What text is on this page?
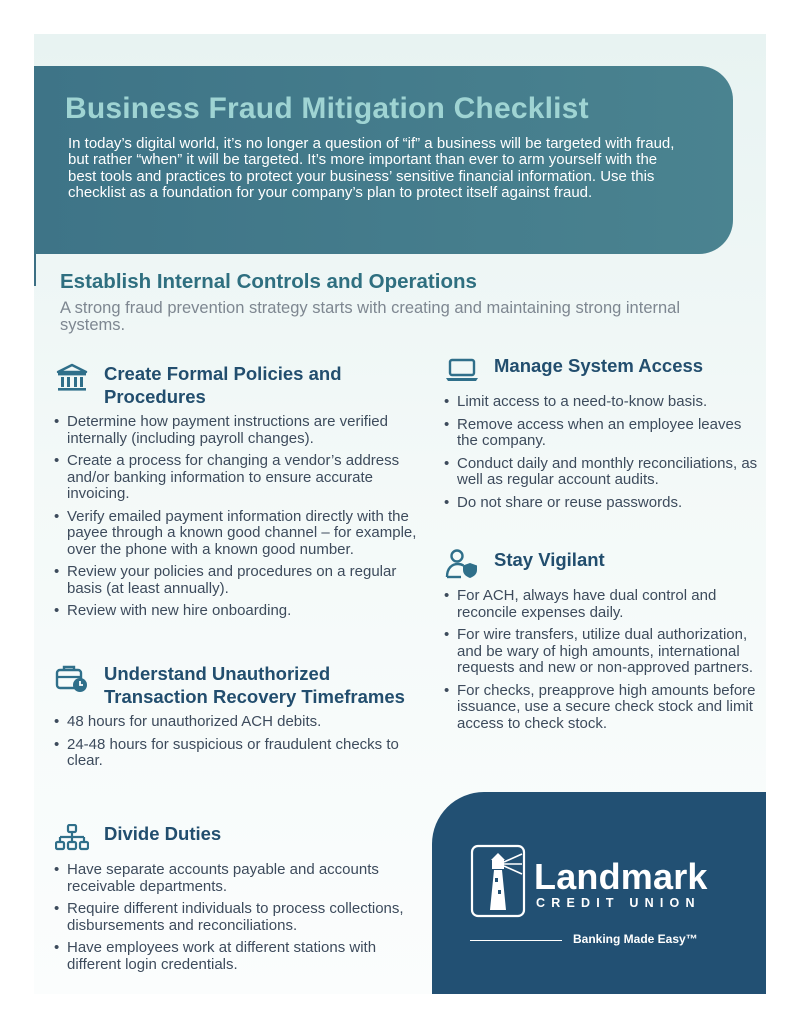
Business Fraud Mitigation Checklist

In today’s digital world, it’s no longer a question of “if” a business will be targeted with fraud, but rather “when” it will be targeted. It’s more important than ever to arm yourself with the best tools and practices to protect your business’ sensitive financial information. Use this checklist as a foundation for your company’s plan to protect itself against fraud.

Establish Internal Controls and Operations
A strong fraud prevention strategy starts with creating and maintaining strong internal systems.
Create Formal Policies and Procedures
• Determine how payment instructions are verified internally (including payroll changes).
• Create a process for changing a vendor’s address and/or banking information to ensure accurate invoicing.
• Verify emailed payment information directly with the payee through a known good channel – for example, over the phone with a known good number.
• Review your policies and procedures on a regular basis (at least annually).
• Review with new hire onboarding.
Understand Unauthorized Transaction Recovery Timeframes
• 48 hours for unauthorized ACH debits.
• 24-48 hours for suspicious or fraudulent checks to clear.
Divide Duties
• Have separate accounts payable and accounts receivable departments.
• Require different individuals to process collections, disbursements and reconciliations.
• Have employees work at different stations with different login credentials.
Manage System Access
• Limit access to a need-to-know basis.
• Remove access when an employee leaves the company.
• Conduct daily and monthly reconciliations, as well as regular account audits.
• Do not share or reuse passwords.
Stay Vigilant
• For ACH, always have dual control and reconcile expenses daily.
• For wire transfers, utilize dual authorization, and be wary of high amounts, international requests and new or non-approved partners.
• For checks, preapprove high amounts before issuance, use a secure check stock and limit access to check stock.
Landmark
CREDIT UNION
Banking Made Easy™
